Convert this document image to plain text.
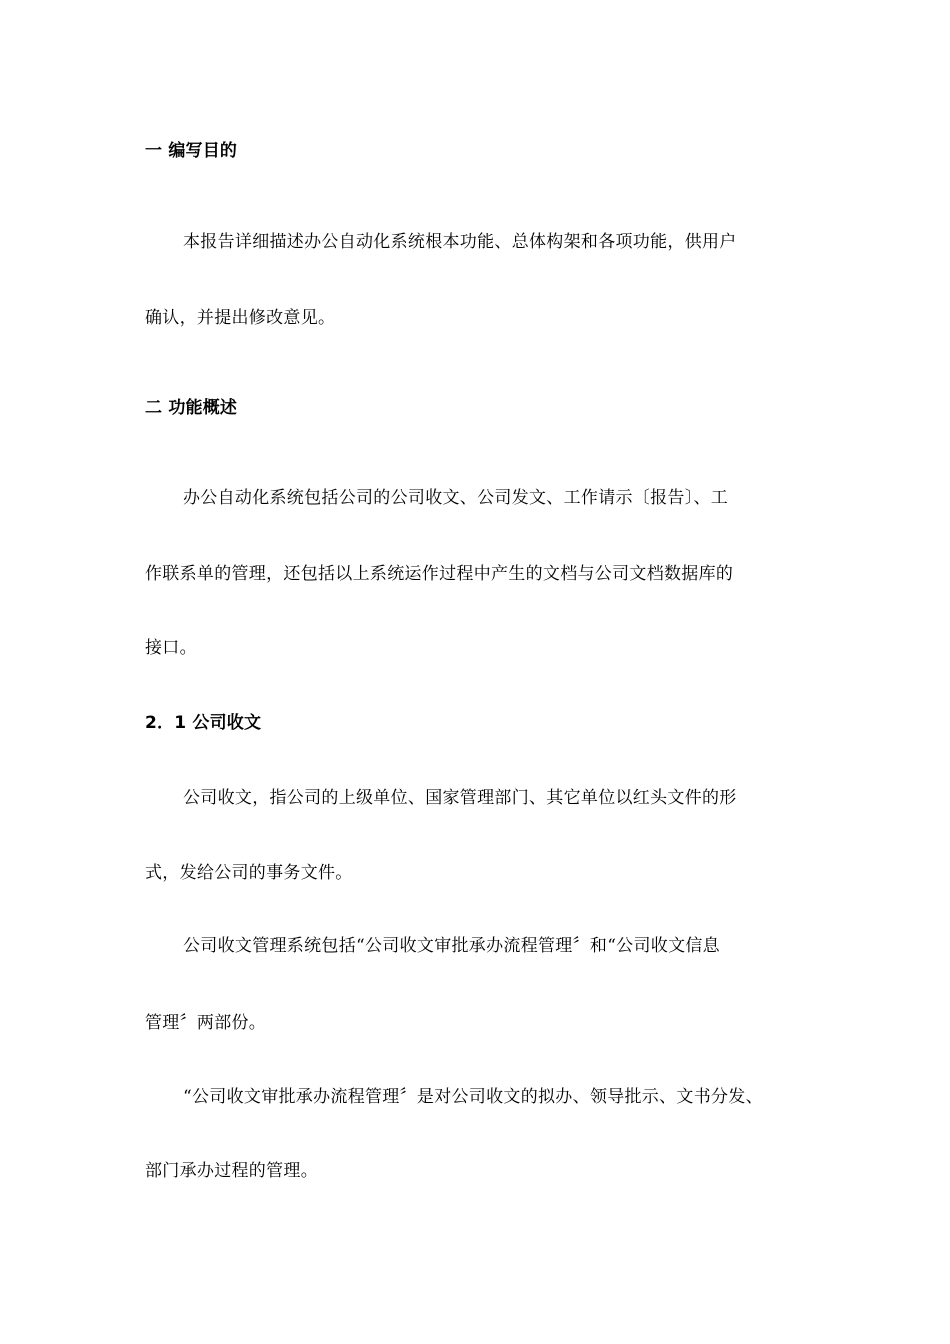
一 编写目的

本报告详细描述办公自动化系统根本功能、总体构架和各项功能，供用户

确认，并提出修改意见。

二 功能概述

办公自动化系统包括公司的公司收文、公司发文、工作请示〔报告〕、工

作联系单的管理，还包括以上系统运作过程中产生的文档与公司文档数据库的

接口。

2．1 公司收文

公司收文，指公司的上级单位、国家管理部门、其它单位以红头文件的形

式，发给公司的事务文件。

公司收文管理系统包括“公司收文审批承办流程管理〞和“公司收文信息

管理〞两部份。

“公司收文审批承办流程管理〞是对公司收文的拟办、领导批示、文书分发、

部门承办过程的管理。
